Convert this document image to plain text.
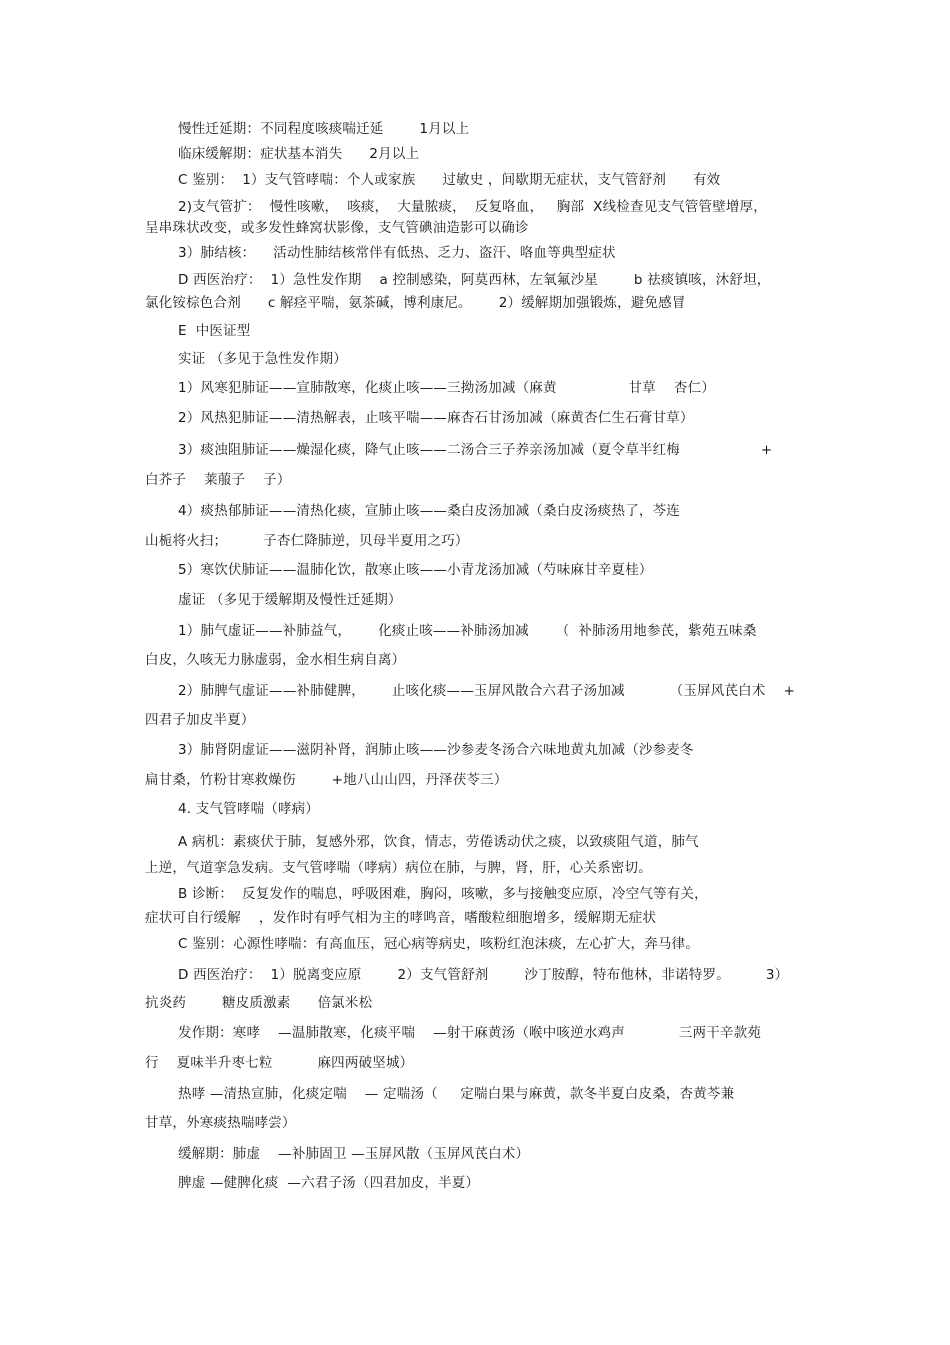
慢性迁延期：不同程度咳痰喘迁延        1月以上
临床缓解期：症状基本消失      2月以上
C 鉴别：  1）支气管哮喘：个人或家族      过敏史 ，间歇期无症状，支气管舒剂      有效
2)支气管扩：  慢性咳嗽，  咳痰，  大量脓痰，  反复咯血，   胸部  X线检查见支气管管壁增厚，
呈串珠状改变，或多发性蜂窝状影像，支气管碘油造影可以确诊
3）肺结核：    活动性肺结核常伴有低热、乏力、盗汗、咯血等典型症状
D 西医治疗：  1）急性发作期    a 控制感染，阿莫西林，左氧氟沙星        b 祛痰镇咳，沐舒坦，
氯化铵棕色合剂      c 解痉平喘，氨茶碱，博利康尼。      2）缓解期加强锻炼，避免感冒
E  中医证型
实证 （多见于急性发作期）
1）风寒犯肺证——宣肺散寒，化痰止咳——三拗汤加减（麻黄                甘草    杏仁）
2）风热犯肺证——清热解表，止咳平喘——麻杏石甘汤加减（麻黄杏仁生石膏甘草）
3）痰浊阻肺证——燥湿化痰，降气止咳——二汤合三子养亲汤加减（夏令草半红梅                  +
白芥子    莱菔子    子）
4）痰热郁肺证——清热化痰，宣肺止咳——桑白皮汤加减（桑白皮汤痰热了，芩连
山栀将火扫；        子杏仁降肺逆，贝母半夏用之巧）
5）寒饮伏肺证——温肺化饮，散寒止咳——小青龙汤加减（芍味麻甘辛夏桂）
虚证 （多见于缓解期及慢性迁延期）
1）肺气虚证——补肺益气，      化痰止咳——补肺汤加减      （  补肺汤用地参芪，紫苑五味桑
白皮，久咳无力脉虚弱，金水相生病自离）
2）肺脾气虚证——补肺健脾，      止咳化痰——玉屏风散合六君子汤加减          （玉屏风芪白术    +
四君子加皮半夏）
3）肺肾阴虚证——滋阴补肾，润肺止咳——沙参麦冬汤合六味地黄丸加减（沙参麦冬
扁甘桑，竹粉甘寒救燥伤        +地八山山四，丹泽茯苓三）
4. 支气管哮喘（哮病）
A 病机：素痰伏于肺，复感外邪，饮食，情志，劳倦诱动伏之痰，以致痰阻气道，肺气
上逆，气道挛急发病。支气管哮喘（哮病）病位在肺，与脾，肾，肝，心关系密切。
B 诊断：  反复发作的喘息，呼吸困难，胸闷，咳嗽，多与接触变应原，冷空气等有关，
症状可自行缓解    ，发作时有呼气相为主的哮鸣音，嗜酸粒细胞增多，缓解期无症状
C 鉴别：心源性哮喘：有高血压，冠心病等病史，咳粉红泡沫痰，左心扩大，奔马律。
D 西医治疗：  1）脱离变应原        2）支气管舒剂        沙丁胺醇，特布他林，非诺特罗。        3）
抗炎药        糖皮质激素      倍氯米松
发作期：寒哮    —温肺散寒，化痰平喘    —射干麻黄汤（喉中咳逆水鸡声            三两干辛款苑
行    夏味半升枣七粒          麻四两破坚城）
热哮 —清热宣肺，化痰定喘    — 定喘汤（     定喘白果与麻黄，款冬半夏白皮桑，杏黄芩兼
甘草，外寒痰热喘哮尝）
缓解期：肺虚    —补肺固卫 —玉屏风散（玉屏风芪白术）
脾虚 —健脾化痰  —六君子汤（四君加皮，半夏）
